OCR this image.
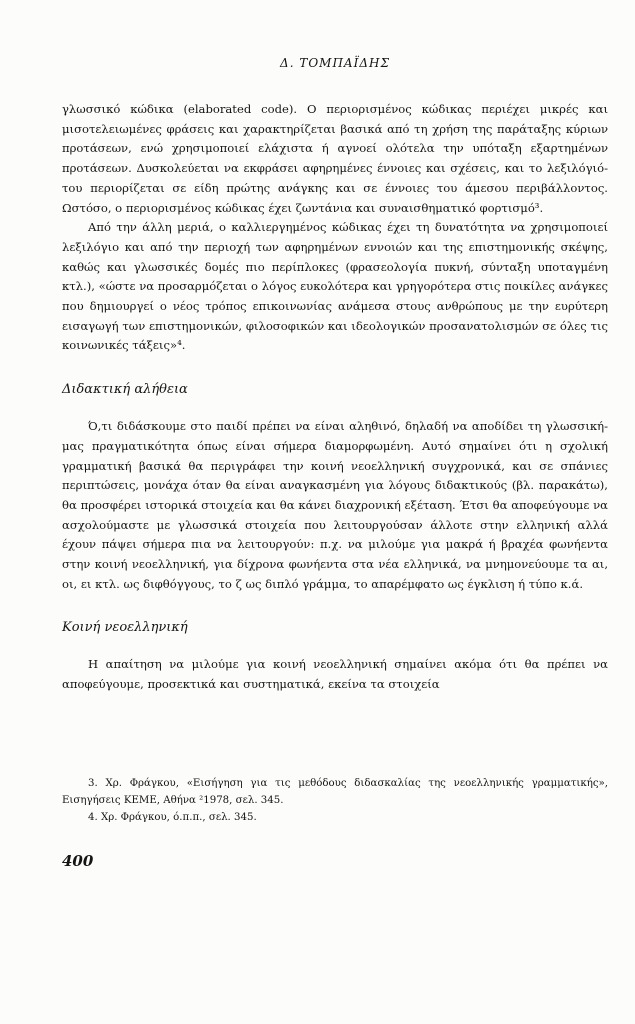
Δ. ΤΟΜΠΑΪΔΗΣ

γλωσσικό κώδικα (elaborated code). Ο περιορισμένος κώδικας περιέχει μικρές και μισοτελειωμένες φράσεις και χαρακτηρίζεται βασικά από τη χρήση της παράταξης κύριων προτάσεων, ενώ χρησιμοποιεί ελάχιστα ή αγνοεί ολότελα την υπόταξη εξαρτημένων προτάσεων. Δυσκολεύεται να εκφράσει αφηρημένες έννοιες και σχέσεις, και το λεξιλόγιό-του περιορίζεται σε είδη πρώτης ανάγκης και σε έννοιες του άμεσου περιβάλλοντος. Ωστόσο, ο περιορισμένος κώδικας έχει ζωντάνια και συναισθηματικό φορτισμό³.

Από την άλλη μεριά, ο καλλιεργημένος κώδικας έχει τη δυνατότητα να χρησιμοποιεί λεξιλόγιο και από την περιοχή των αφηρημένων εννοιών και της επιστημονικής σκέψης, καθώς και γλωσσικές δομές πιο περίπλοκες (φρασεολογία πυκνή, σύνταξη υποταγμένη κτλ.), «ώστε να προσαρμόζεται ο λόγος ευκολότερα και γρηγορότερα στις ποικίλες ανάγκες που δημιουργεί ο νέος τρόπος επικοινωνίας ανάμεσα στους ανθρώπους με την ευρύτερη εισαγωγή των επιστημονικών, φιλοσοφικών και ιδεολογικών προσανατολισμών σε όλες τις κοινωνικές τάξεις»⁴.

Διδακτική αλήθεια

Ό,τι διδάσκουμε στο παιδί πρέπει να είναι αληθινό, δηλαδή να αποδίδει τη γλωσσική-μας πραγματικότητα όπως είναι σήμερα διαμορφωμένη. Αυτό σημαίνει ότι η σχολική γραμματική βασικά θα περιγράφει την κοινή νεοελληνική συγχρονικά, και σε σπάνιες περιπτώσεις, μονάχα όταν θα είναι αναγκασμένη για λόγους διδακτικούς (βλ. παρακάτω), θα προσφέρει ιστορικά στοιχεία και θα κάνει διαχρονική εξέταση. Έτσι θα αποφεύγουμε να ασχολούμαστε με γλωσσικά στοιχεία που λειτουργούσαν άλλοτε στην ελληνική αλλά έχουν πάψει σήμερα πια να λειτουργούν: π.χ. να μιλούμε για μακρά ή βραχέα φωνήεντα στην κοινή νεοελληνική, για δίχρονα φωνήεντα στα νέα ελληνικά, να μνημονεύουμε τα αι, οι, ει κτλ. ως διφθόγγους, το ζ ως διπλό γράμμα, το απαρέμφατο ως έγκλιση ή τύπο κ.ά.

Κοινή νεοελληνική

Η απαίτηση να μιλούμε για κοινή νεοελληνική σημαίνει ακόμα ότι θα πρέπει να αποφεύγουμε, προσεκτικά και συστηματικά, εκείνα τα στοιχεία

3. Χρ. Φράγκου, «Εισήγηση για τις μεθόδους διδασκαλίας της νεοελληνικής γραμματικής», Εισηγήσεις ΚΕΜΕ, Αθήνα ²1978, σελ. 345.

4. Χρ. Φράγκου, ό.π.π., σελ. 345.

400
